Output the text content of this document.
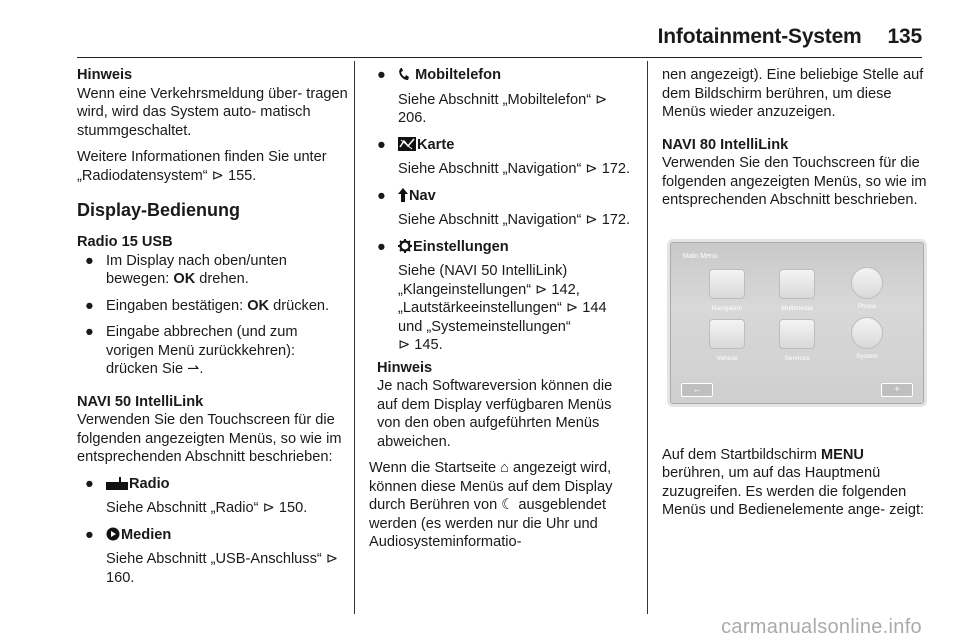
Infotainment-System 135

Hinweis

Wenn eine Verkehrsmeldung über- tragen wird, wird das System auto- matisch stummgeschaltet.

Weitere Informationen finden Sie unter „Radiodatensystem“ ⊳ 155.

Display-Bedienung

Radio 15 USB

● Im Display nach oben/unten bewegen: OK drehen.
● Eingaben bestätigen: OK drücken.
● Eingabe abbrechen (und zum vorigen Menü zurückkehren): drücken Sie ⇀.

NAVI 50 IntelliLink

Verwenden Sie den Touchscreen für die folgenden angezeigten Menüs, so wie im entsprechenden Abschnitt beschrieben:

● Radio
Siehe Abschnitt „Radio“ ⊳ 150.
● Medien
Siehe Abschnitt „USB-Anschluss“ ⊳ 160.
● Mobiltelefon
Siehe Abschnitt „Mobiltelefon“ ⊳ 206.
● Karte
Siehe Abschnitt „Navigation“ ⊳ 172.
● Nav
Siehe Abschnitt „Navigation“ ⊳ 172.
● Einstellungen
Siehe (NAVI 50 IntelliLink) „Klangeinstellungen“ ⊳ 142,
„Lautstärkeeinstellungen“ ⊳ 144
und „Systemeinstellungen“
⊳ 145.

Hinweis

Je nach Softwareversion können die auf dem Display verfügbaren Menüs von den oben aufgeführten Menüs abweichen.

Wenn die Startseite ⌂ angezeigt wird, können diese Menüs auf dem Display durch Berühren von ☾ ausgeblendet werden (es werden nur die Uhr und Audiosysteminformatio-

nen angezeigt). Eine beliebige Stelle auf dem Bildschirm berühren, um diese Menüs wieder anzuzeigen.

NAVI 80 IntelliLink

Verwenden Sie den Touchscreen für die folgenden angezeigten Menüs, so wie im entsprechenden Abschnitt beschrieben.

Main Menu
Navigation	Multimedia	Phone
Vehicle	Services	System
←	+

Auf dem Startbildschirm MENU berühren, um auf das Hauptmenü zuzugreifen. Es werden die folgenden Menüs und Bedienelemente ange- zeigt:

carmanualsonline.info
